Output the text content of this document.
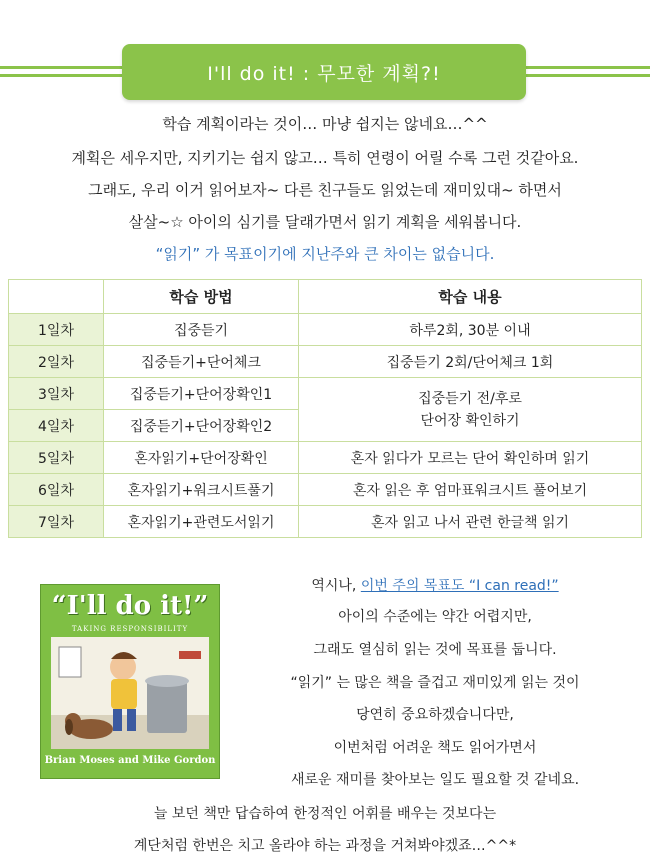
I'll do it! : 무모한 계획?!
학습 계획이라는 것이… 마냥 쉽지는 않네요…^^
계획은 세우지만, 지키기는 쉽지 않고… 특히 연령이 어릴 수록 그런 것같아요.
그래도, 우리 이거 읽어보자~ 다른 친구들도 읽었는데 재미있대~ 하면서
살살~☆ 아이의 심기를 달래가면서 읽기 계획을 세워봅니다.
“읽기” 가 목표이기에 지난주와 큰 차이는 없습니다.
	학습 방법	학습 내용
1일차	집중듣기	하루2회, 30분 이내
2일차	집중듣기+단어체크	집중듣기 2회/단어체크 1회
3일차	집중듣기+단어장확인1	집중듣기 전/후로
단어장 확인하기
4일차	집중듣기+단어장확인2	
5일차	혼자읽기+단어장확인	혼자 읽다가 모르는 단어 확인하며 읽기
6일차	혼자읽기+워크시트풀기	혼자 읽은 후 엄마표워크시트 풀어보기
7일차	혼자읽기+관련도서읽기	혼자 읽고 나서 관련 한글책 읽기
“I'll do it!”
TAKING RESPONSIBILITY
Brian Moses and Mike Gordon
역시나, 이번 주의 목표도 “I can read!”
아이의 수준에는 약간 어렵지만,
그래도 열심히 읽는 것에 목표를 둡니다.
“읽기” 는 많은 책을 즐겁고 재미있게 읽는 것이
당연히 중요하겠습니다만,
이번처럼 어려운 책도 읽어가면서
새로운 재미를 찾아보는 일도 필요할 것 같네요.
늘 보던 책만 답습하여 한정적인 어휘를 배우는 것보다는
계단처럼 한번은 치고 올라야 하는 과정을 거쳐봐야겠죠…^^*
